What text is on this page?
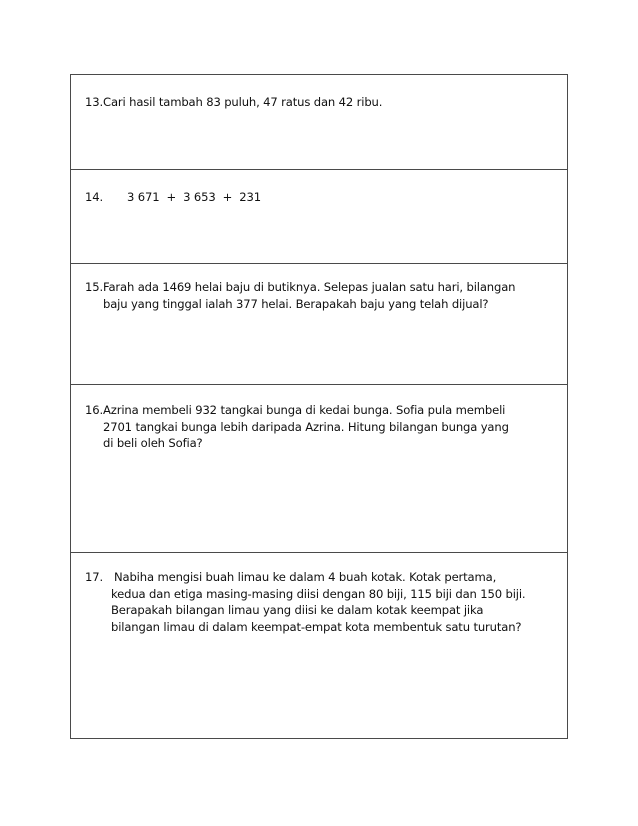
13. Cari hasil tambah 83 puluh, 47 ratus dan 42 ribu.
14.	3 671  +  3 653  +  231
15. Farah ada 1469 helai baju di butiknya. Selepas jualan satu hari, bilangan
baju yang tinggal ialah 377 helai. Berapakah baju yang telah dijual?
16. Azrina membeli 932 tangkai bunga di kedai bunga. Sofia pula membeli
2701 tangkai bunga lebih daripada Azrina. Hitung bilangan bunga yang
di beli oleh Sofia?
17. Nabiha mengisi buah limau ke dalam 4 buah kotak. Kotak pertama,
kedua dan etiga masing-masing diisi dengan 80 biji, 115 biji dan 150 biji.
Berapakah bilangan limau yang diisi ke dalam kotak keempat jika
bilangan limau di dalam keempat-empat kota membentuk satu turutan?
